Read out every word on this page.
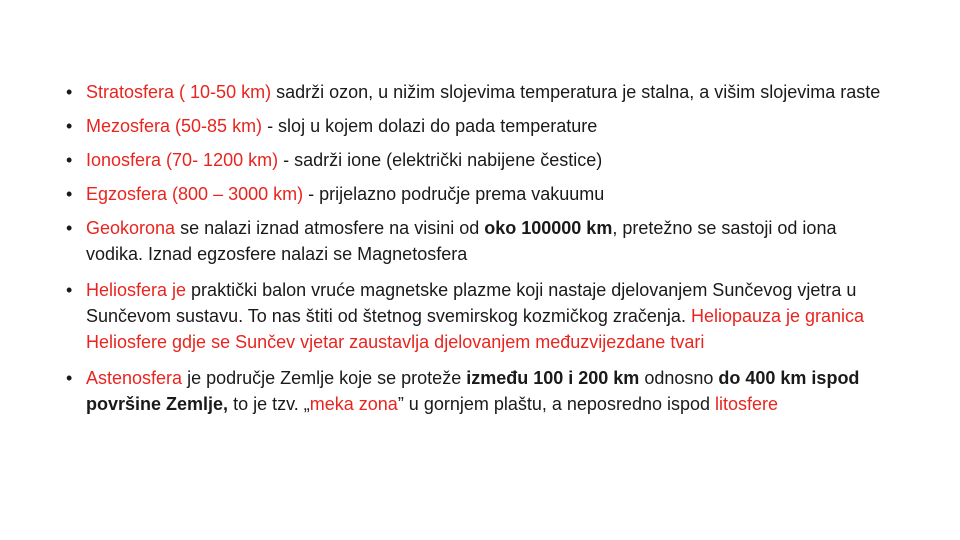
• Stratosfera ( 10-50 km) sadrži ozon, u nižim slojevima temperatura je stalna, a višim slojevima raste
• Mezosfera (50-85 km) - sloj u kojem dolazi do pada temperature
• Ionosfera (70- 1200 km) - sadrži ione (električki nabijene čestice)
• Egzosfera (800 – 3000 km) - prijelazno područje prema vakuumu
• Geokorona se nalazi iznad atmosfere na visini od oko 100000 km, pretežno se sastoji od iona vodika. Iznad egzosfere nalazi se Magnetosfera
• Heliosfera je praktički balon vruće magnetske plazme koji nastaje djelovanjem Sunčevog vjetra u Sunčevom sustavu. To nas štiti od štetnog svemirskog kozmičkog zračenja. Heliopauza je granica Heliosfere gdje se Sunčev vjetar zaustavlja djelovanjem međuzvijezdane tvari
• Astenosfera je područje Zemlje koje se proteže između 100 i 200 km odnosno do 400 km ispod površine Zemlje, to je tzv. „meka zona” u gornjem plaštu, a neposredno ispod litosfere
